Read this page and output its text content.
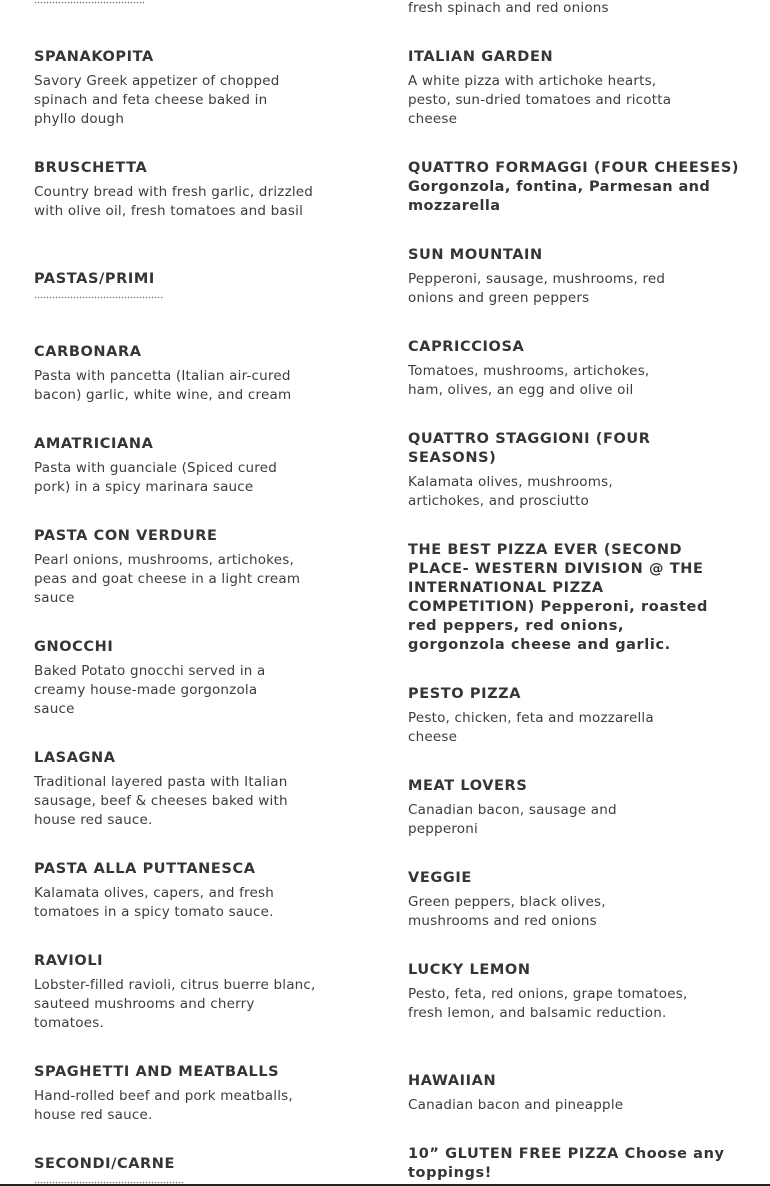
SPANAKOPITA

Savory Greek appetizer of chopped spinach and feta cheese baked in phyllo dough

BRUSCHETTA

Country bread with fresh garlic, drizzled with olive oil, fresh tomatoes and basil

PASTAS/PRIMI
CARBONARA

Pasta with pancetta (Italian air-cured bacon) garlic, white wine, and cream

AMATRICIANA

Pasta with guanciale (Spiced cured pork) in a spicy marinara sauce

PASTA CON VERDURE

Pearl onions, mushrooms, artichokes, peas and goat cheese in a light cream sauce

GNOCCHI

Baked Potato gnocchi served in a creamy house-made gorgonzola sauce

LASAGNA

Traditional layered pasta with Italian sausage, beef & cheeses baked with house red sauce.

PASTA ALLA PUTTANESCA

Kalamata olives, capers, and fresh tomatoes in a spicy tomato sauce.

RAVIOLI

Lobster-filled ravioli, citrus buerre blanc, sauteed mushrooms and cherry tomatoes.

SPAGHETTI AND MEATBALLS

Hand-rolled beef and pork meatballs, house red sauce.

SECONDI/CARNE

fresh spinach and red onions

ITALIAN GARDEN

A white pizza with artichoke hearts, pesto, sun-dried tomatoes and ricotta cheese

QUATTRO FORMAGGI (FOUR CHEESES)

Gorgonzola, fontina, Parmesan and mozzarella

SUN MOUNTAIN

Pepperoni, sausage, mushrooms, red onions and green peppers

CAPRICCIOSA

Tomatoes, mushrooms, artichokes, ham, olives, an egg and olive oil

QUATTRO STAGGIONI (FOUR SEASONS)

Kalamata olives, mushrooms, artichokes, and prosciutto

THE BEST PIZZA EVER (SECOND PLACE- WESTERN DIVISION @ THE INTERNATIONAL PIZZA COMPETITION) Pepperoni, roasted red peppers, red onions, gorgonzola cheese and garlic.
PESTO PIZZA

Pesto, chicken, feta and mozzarella cheese

MEAT LOVERS

Canadian bacon, sausage and pepperoni

VEGGIE

Green peppers, black olives, mushrooms and red onions

LUCKY LEMON

Pesto, feta, red onions, grape tomatoes, fresh lemon, and balsamic reduction.

HAWAIIAN

Canadian bacon and pineapple

10” GLUTEN FREE PIZZA Choose any toppings!
